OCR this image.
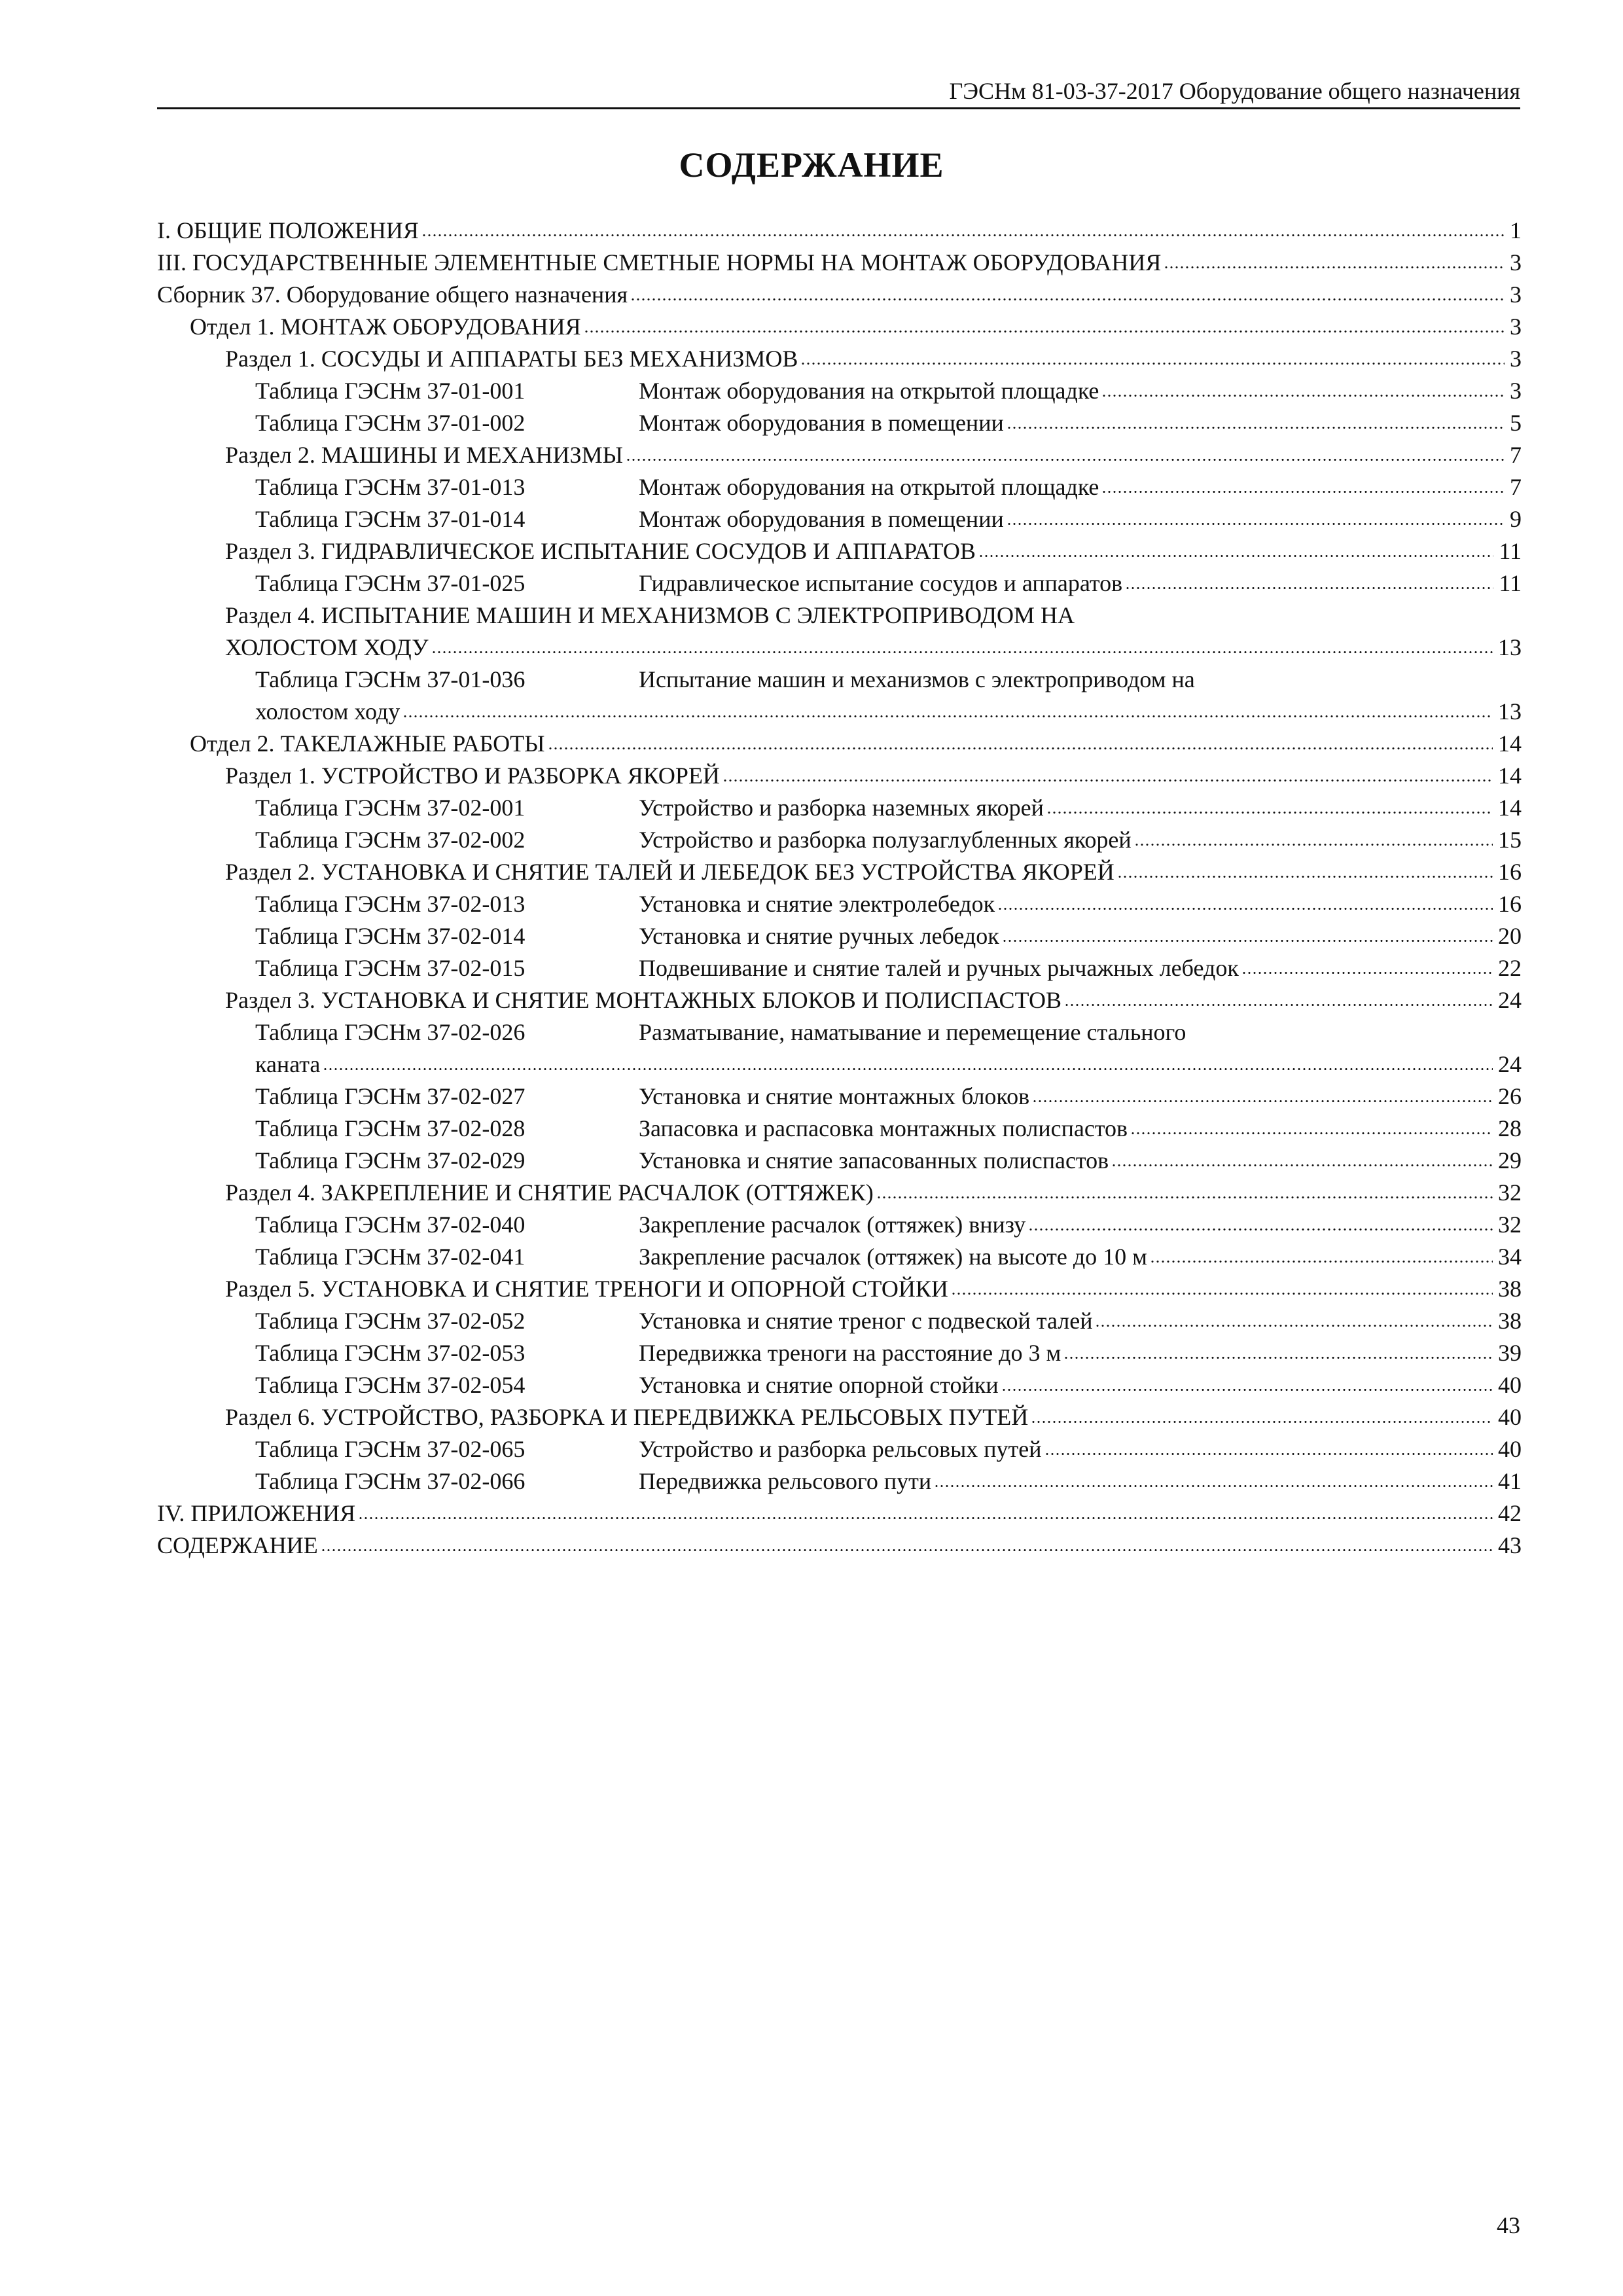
ГЭСНм 81-03-37-2017 Оборудование общего назначения
СОДЕРЖАНИЕ
I. ОБЩИЕ ПОЛОЖЕНИЯ	1
III. ГОСУДАРСТВЕННЫЕ ЭЛЕМЕНТНЫЕ СМЕТНЫЕ НОРМЫ НА МОНТАЖ ОБОРУДОВАНИЯ	3
Сборник 37. Оборудование общего назначения	3
Отдел 1. МОНТАЖ ОБОРУДОВАНИЯ	3
Раздел 1. СОСУДЫ И АППАРАТЫ БЕЗ МЕХАНИЗМОВ	3
Таблица ГЭСНм 37-01-001	Монтаж оборудования на открытой площадке	3
Таблица ГЭСНм 37-01-002	Монтаж оборудования в помещении	5
Раздел 2. МАШИНЫ И МЕХАНИЗМЫ	7
Таблица ГЭСНм 37-01-013	Монтаж оборудования на открытой площадке	7
Таблица ГЭСНм 37-01-014	Монтаж оборудования в помещении	9
Раздел 3. ГИДРАВЛИЧЕСКОЕ ИСПЫТАНИЕ СОСУДОВ И АППАРАТОВ	11
Таблица ГЭСНм 37-01-025	Гидравлическое испытание сосудов и аппаратов	11
Раздел 4. ИСПЫТАНИЕ МАШИН И МЕХАНИЗМОВ С ЭЛЕКТРОПРИВОДОМ НА
ХОЛОСТОМ ХОДУ	13
Таблица ГЭСНм 37-01-036	Испытание машин и механизмов с электроприводом на
холостом ходу	13
Отдел 2. ТАКЕЛАЖНЫЕ РАБОТЫ	14
Раздел 1. УСТРОЙСТВО И РАЗБОРКА ЯКОРЕЙ	14
Таблица ГЭСНм 37-02-001	Устройство и разборка наземных якорей	14
Таблица ГЭСНм 37-02-002	Устройство и разборка полузаглубленных якорей	15
Раздел 2. УСТАНОВКА И СНЯТИЕ ТАЛЕЙ И ЛЕБЕДОК БЕЗ УСТРОЙСТВА ЯКОРЕЙ	16
Таблица ГЭСНм 37-02-013	Установка и снятие электролебедок	16
Таблица ГЭСНм 37-02-014	Установка и снятие ручных лебедок	20
Таблица ГЭСНм 37-02-015	Подвешивание и снятие талей и ручных рычажных лебедок	22
Раздел 3. УСТАНОВКА И СНЯТИЕ МОНТАЖНЫХ БЛОКОВ И ПОЛИСПАСТОВ	24
Таблица ГЭСНм 37-02-026	Разматывание, наматывание и перемещение стального
каната	24
Таблица ГЭСНм 37-02-027	Установка и снятие монтажных блоков	26
Таблица ГЭСНм 37-02-028	Запасовка и распасовка монтажных полиспастов	28
Таблица ГЭСНм 37-02-029	Установка и снятие запасованных полиспастов	29
Раздел 4. ЗАКРЕПЛЕНИЕ И СНЯТИЕ РАСЧАЛОК (ОТТЯЖЕК)	32
Таблица ГЭСНм 37-02-040	Закрепление расчалок (оттяжек) внизу	32
Таблица ГЭСНм 37-02-041	Закрепление расчалок (оттяжек) на высоте до 10 м	34
Раздел 5. УСТАНОВКА И СНЯТИЕ ТРЕНОГИ И ОПОРНОЙ СТОЙКИ	38
Таблица ГЭСНм 37-02-052	Установка и снятие треног с подвеской талей	38
Таблица ГЭСНм 37-02-053	Передвижка треноги на расстояние до 3 м	39
Таблица ГЭСНм 37-02-054	Установка и снятие опорной стойки	40
Раздел 6. УСТРОЙСТВО, РАЗБОРКА И ПЕРЕДВИЖКА РЕЛЬСОВЫХ ПУТЕЙ	40
Таблица ГЭСНм 37-02-065	Устройство и разборка рельсовых путей	40
Таблица ГЭСНм 37-02-066	Передвижка рельсового пути	41
IV. ПРИЛОЖЕНИЯ	42
СОДЕРЖАНИЕ	43
43
